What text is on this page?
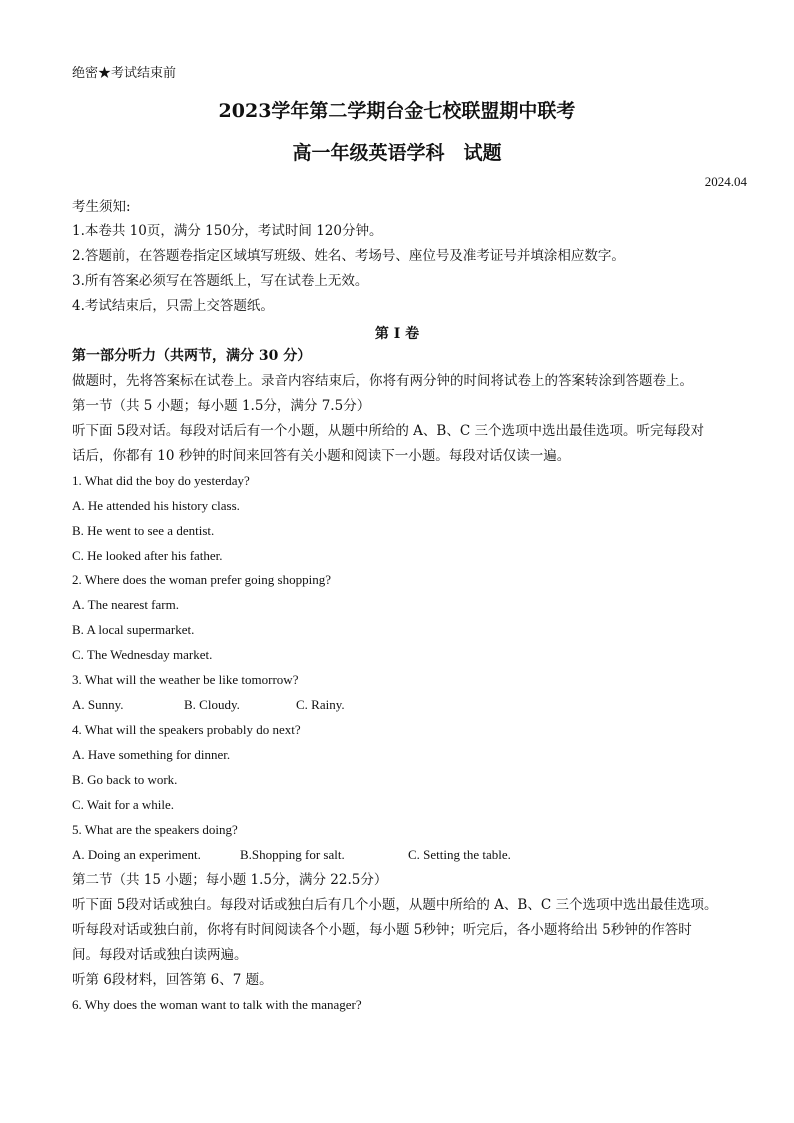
绝密★考试结束前
2023学年第二学期台金七校联盟期中联考
高一年级英语学科　试题
2024.04
考生须知:
1.本卷共 10页，满分 150分，考试时间 120分钟。
2.答题前，在答题卷指定区域填写班级、姓名、考场号、座位号及准考证号并填涂相应数字。
3.所有答案必须写在答题纸上，写在试卷上无效。
4.考试结束后，只需上交答题纸。
第 I 卷
第一部分听力（共两节，满分 30 分）
做题时，先将答案标在试卷上。录音内容结束后，你将有两分钟的时间将试卷上的答案转涂到答题卷上。
第一节（共 5 小题；每小题 1.5分，满分 7.5分）
听下面 5段对话。每段对话后有一个小题，从题中所给的 A、B、C 三个选项中选出最佳选项。听完每段对
话后，你都有 10 秒钟的时间来回答有关小题和阅读下一小题。每段对话仅读一遍。
1. What did the boy do yesterday?
A. He attended his history class.
B. He went to see a dentist.
C. He looked after his father.
2. Where does the woman prefer going shopping?
A. The nearest farm.
B. A local supermarket.
C. The Wednesday market.
3. What will the weather be like tomorrow?
A. Sunny.	B. Cloudy.	C. Rainy.
4. What will the speakers probably do next?
A. Have something for dinner.
B. Go back to work.
C. Wait for a while.
5. What are the speakers doing?
A. Doing an experiment.	B.Shopping for salt.	C. Setting the table.
第二节（共 15 小题；每小题 1.5分，满分 22.5分）
听下面 5段对话或独白。每段对话或独白后有几个小题，从题中所给的 A、B、C 三个选项中选出最佳选项。
听每段对话或独白前，你将有时间阅读各个小题，每小题 5秒钟；听完后，各小题将给出 5秒钟的作答时
间。每段对话或独白读两遍。
听第 6段材料，回答第 6、7 题。
6. Why does the woman want to talk with the manager?
